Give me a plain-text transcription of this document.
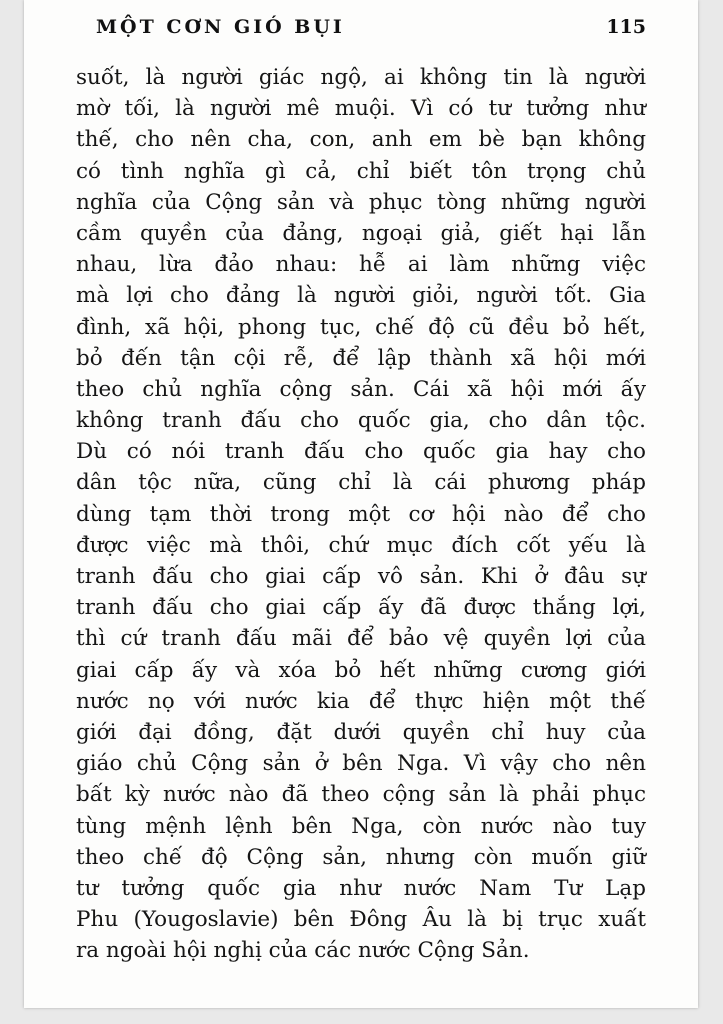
MỘT CƠN GIÓ BỤI	115
suốt, là người giác ngộ, ai không tin là người
mờ tối, là người mê muội. Vì có tư tưởng như
thế, cho nên cha, con, anh em bè bạn không
có tình nghĩa gì cả, chỉ biết tôn trọng chủ
nghĩa của Cộng sản và phục tòng những người
cầm quyền của đảng, ngoại giả, giết hại lẫn
nhau, lừa đảo nhau: hễ ai làm những việc
mà lợi cho đảng là người giỏi, người tốt. Gia
đình, xã hội, phong tục, chế độ cũ đều bỏ hết,
bỏ đến tận cội rễ, để lập thành xã hội mới
theo chủ nghĩa cộng sản. Cái xã hội mới ấy
không tranh đấu cho quốc gia, cho dân tộc.
Dù có nói tranh đấu cho quốc gia hay cho
dân tộc nữa, cũng chỉ là cái phương pháp
dùng tạm thời trong một cơ hội nào để cho
được việc mà thôi, chứ mục đích cốt yếu là
tranh đấu cho giai cấp vô sản. Khi ở đâu sự
tranh đấu cho giai cấp ấy đã được thắng lợi,
thì cứ tranh đấu mãi để bảo vệ quyền lợi của
giai cấp ấy và xóa bỏ hết những cương giới
nước nọ với nước kia để thực hiện một thế
giới đại đồng, đặt dưới quyền chỉ huy của
giáo chủ Cộng sản ở bên Nga. Vì vậy cho nên
bất kỳ nước nào đã theo cộng sản là phải phục
tùng mệnh lệnh bên Nga, còn nước nào tuy
theo chế độ Cộng sản, nhưng còn muốn giữ
tư tưởng quốc gia như nước Nam Tư Lạp
Phu (Yougoslavie) bên Đông Âu là bị trục xuất
ra ngoài hội nghị của các nước Cộng Sản.
